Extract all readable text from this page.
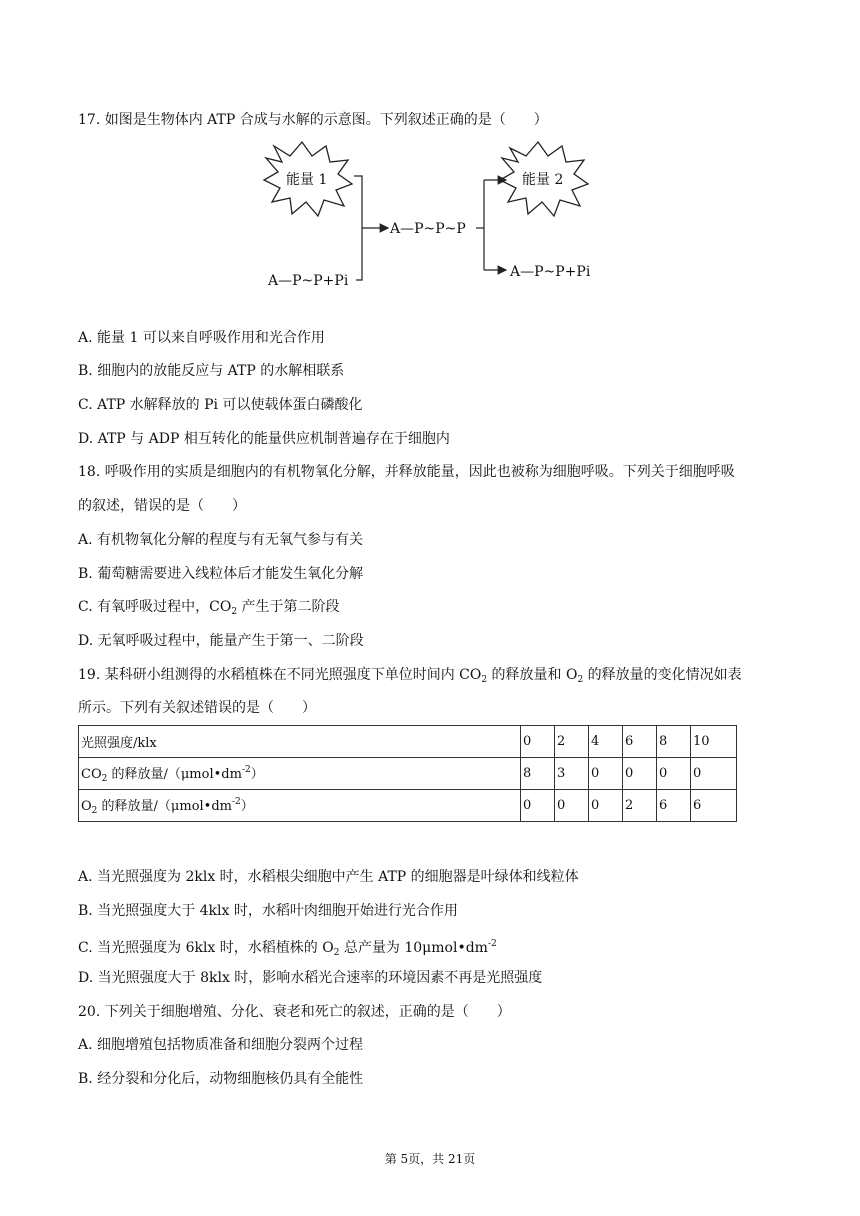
17. 如图是生物体内 ATP 合成与水解的示意图。下列叙述正确的是（　　）
能量 1	能量 2
A—P~P+Pi
A—P~P~P
A—P~P+Pi
A. 能量 1 可以来自呼吸作用和光合作用
B. 细胞内的放能反应与 ATP 的水解相联系
C. ATP 水解释放的 Pi 可以使载体蛋白磷酸化
D. ATP 与 ADP 相互转化的能量供应机制普遍存在于细胞内
18. 呼吸作用的实质是细胞内的有机物氧化分解，并释放能量，因此也被称为细胞呼吸。下列关于细胞呼吸
的叙述，错误的是（　　）
A. 有机物氧化分解的程度与有无氧气参与有关
B. 葡萄糖需要进入线粒体后才能发生氧化分解
C. 有氧呼吸过程中，$CO_2$ 产生于第二阶段
D. 无氧呼吸过程中，能量产生于第一、二阶段
19. 某科研小组测得的水稻植株在不同光照强度下单位时间内 $CO_2$ 的释放量和 $O_2$ 的释放量的变化情况如表
所示。下列有关叙述错误的是（　　）
光照强度/klx	0	2	4	6	8	10
$CO_2$ 的释放量$/(\mu mol•dm^{-2})$	8	3	0	0	0	0
$O_2$ 的释放量$/(\mu mol•dm^{-2})$	0	0	0	2	6	6
A. 当光照强度为 2klx 时，水稻根尖细胞中产生 ATP 的细胞器是叶绿体和线粒体
B. 当光照强度大于 4klx 时，水稻叶肉细胞开始进行光合作用
C. 当光照强度为 6klx 时，水稻植株的 $O_2$ 总产量为 $10\mu mol•dm^{-2}$
D. 当光照强度大于 8klx 时，影响水稻光合速率的环境因素不再是光照强度
20. 下列关于细胞增殖、分化、衰老和死亡的叙述，正确的是（　　）
A. 细胞增殖包括物质准备和细胞分裂两个过程
B. 经分裂和分化后，动物细胞核仍具有全能性
第 5页，共 21页
